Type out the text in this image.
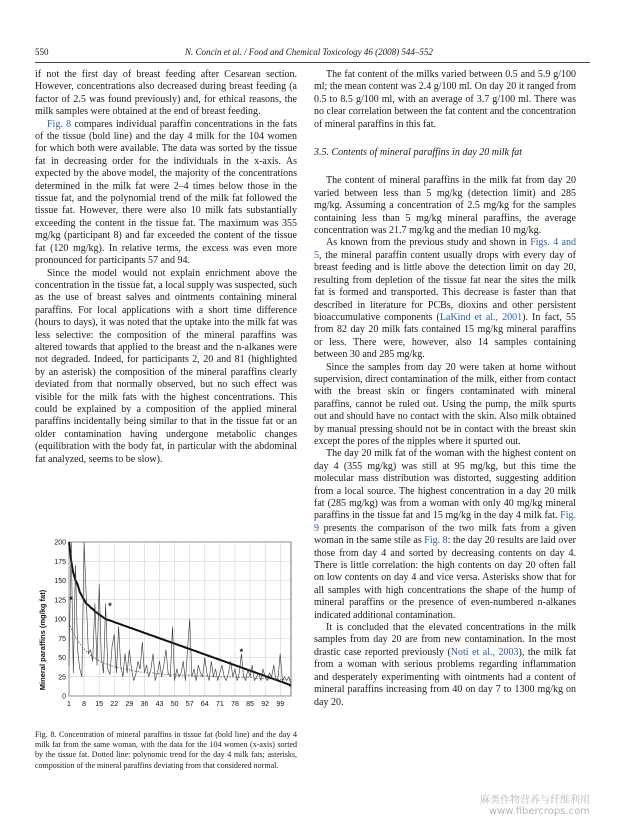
550	N. Concin et al. / Food and Chemical Toxicology 46 (2008) 544–552

if not the first day of breast feeding after Cesarean section. However, concentrations also decreased during breast feeding (a factor of 2.5 was found previously) and, for ethical reasons, the milk samples were obtained at the end of breast feeding.

Fig. 8 compares individual paraffin concentrations in the fats of the tissue (bold line) and the day 4 milk for the 104 women for which both were available. The data was sorted by the tissue fat in decreasing order for the individuals in the x-axis. As expected by the above model, the majority of the concentrations determined in the milk fat were 2–4 times below those in the tissue fat, and the polynomial trend of the milk fat followed the tissue fat. However, there were also 10 milk fats substantially exceeding the content in the tissue fat. The maximum was 355 mg/kg (participant 8) and far exceeded the content of the tissue fat (120 mg/kg). In relative terms, the excess was even more pronounced for participants 57 and 94.

Since the model would not explain enrichment above the concentration in the tissue fat, a local supply was suspected, such as the use of breast salves and ointments containing mineral paraffins. For local applications with a short time difference (hours to days), it was noted that the uptake into the milk fat was less selective: the composition of the mineral paraffins was altered towards that applied to the breast and the n-alkanes were not degraded. Indeed, for participants 2, 20 and 81 (highlighted by an asterisk) the composition of the mineral paraffins clearly deviated from that normally observed, but no such effect was visible for the milk fats with the highest concentrations. This could be explained by a composition of the applied mineral paraffins incidentally being similar to that in the tissue fat or an older contamination having undergone metabolic changes (equilibration with the body fat, in particular with the abdominal fat analyzed, seems to be slow).

0
25
50
75
100
125
150
175
200
1 8 15 22 29 36 43 50 57 64 71 78 85 92 99
*
*
*
Mineral paraffins (mg/kg fat)
Fig. 8. Concentration of mineral paraffins in tissue fat (bold line) and the day 4 milk fat from the same woman, with the data for the 104 women (x-axis) sorted by the tissue fat. Dotted line: polynomic trend for the day 4 milk fats; asterisks, composition of the mineral paraffins deviating from that considered normal.

The fat content of the milks varied between 0.5 and 5.9 g/100 ml; the mean content was 2.4 g/100 ml. On day 20 it ranged from 0.5 to 8.5 g/100 ml, with an average of 3.7 g/100 ml. There was no clear correlation between the fat content and the concentration of mineral paraffins in this fat.

3.5. Contents of mineral paraffins in day 20 milk fat

The content of mineral paraffins in the milk fat from day 20 varied between less than 5 mg/kg (detection limit) and 285 mg/kg. Assuming a concentration of 2.5 mg/kg for the samples containing less than 5 mg/kg mineral paraffins, the average concentration was 21.7 mg/kg and the median 10 mg/kg.

As known from the previous study and shown in Figs. 4 and 5, the mineral paraffin content usually drops with every day of breast feeding and is little above the detection limit on day 20, resulting from depletion of the tissue fat near the sites the milk fat is formed and transported. This decrease is faster than that described in literature for PCBs, dioxins and other persistent bioaccumulative components (LaKind et al., 2001). In fact, 55 from 82 day 20 milk fats contained 15 mg/kg mineral paraffins or less. There were, however, also 14 samples containing between 30 and 285 mg/kg.

Since the samples from day 20 were taken at home without supervision, direct contamination of the milk, either from contact with the breast skin or fingers contaminated with mineral paraffins, cannot be ruled out. Using the pump, the milk spurts out and should have no contact with the skin. Also milk obtained by manual pressing should not be in contact with the breast skin except the pores of the nipples where it spurted out.

The day 20 milk fat of the woman with the highest content on day 4 (355 mg/kg) was still at 95 mg/kg, but this time the molecular mass distribution was distorted, suggesting addition from a local source. The highest concentration in a day 20 milk fat (285 mg/kg) was from a woman with only 40 mg/kg mineral paraffins in the tissue fat and 15 mg/kg in the day 4 milk fat. Fig. 9 presents the comparison of the two milk fats from a given woman in the same stile as Fig. 8: the day 20 results are laid over those from day 4 and sorted by decreasing contents on day 4. There is little correlation: the high contents on day 20 often fall on low contents on day 4 and vice versa. Asterisks show that for all samples with high concentrations the shape of the hump of mineral paraffins or the presence of even-numbered n-alkanes indicated additional contamination.

It is concluded that the elevated concentrations in the milk samples from day 20 are from new contamination. In the most drastic case reported previously (Noti et al., 2003), the milk fat from a woman with serious problems regarding inflammation and desperately experimenting with ointments had a content of mineral paraffins increasing from 40 on day 7 to 1300 mg/kg on day 20.

麻类作物营养与纤维利用
www.fibercrops.com
